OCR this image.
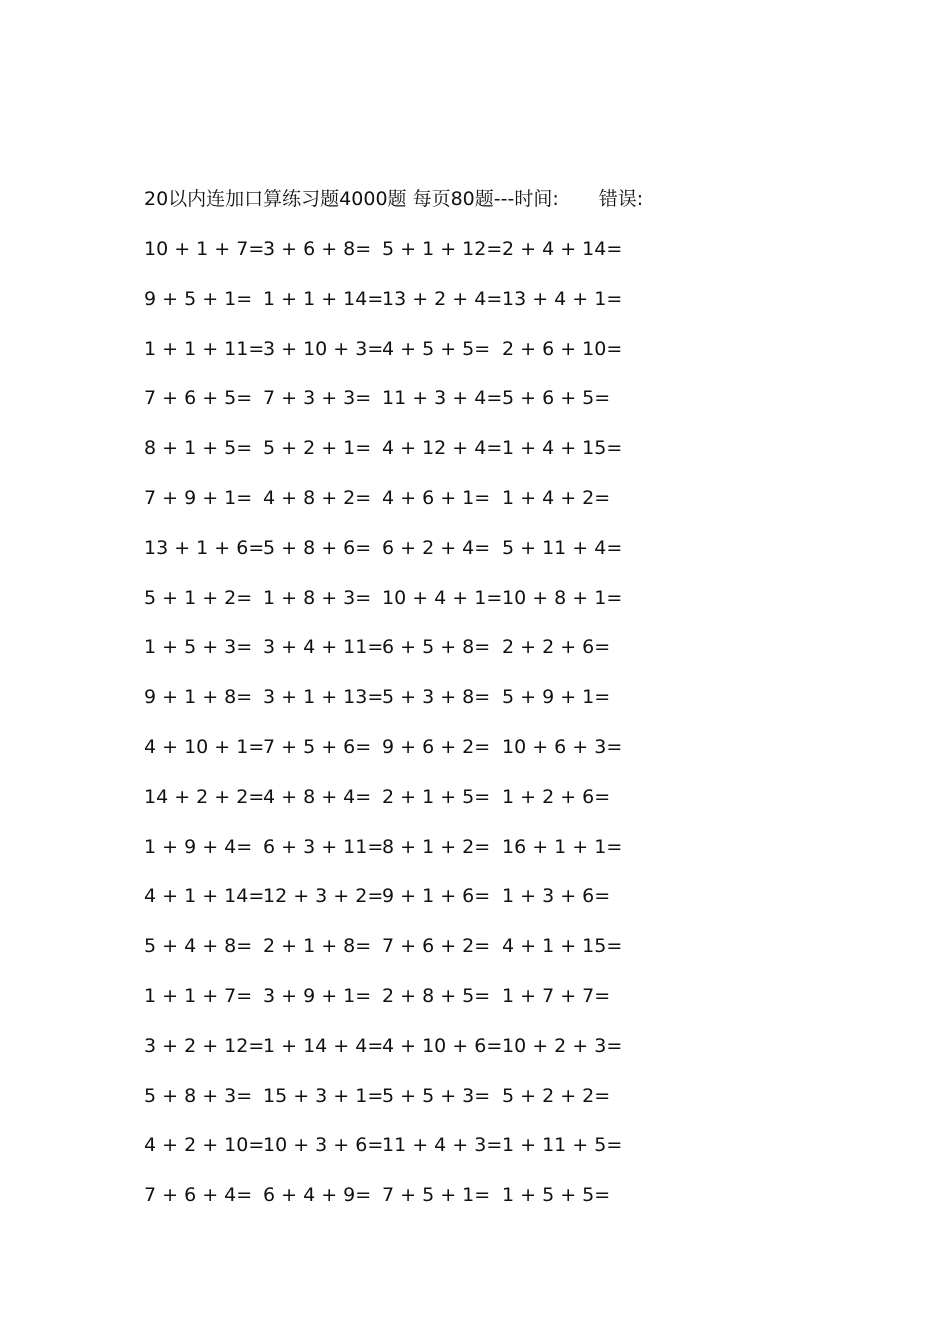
20以内连加口算练习题4000题 每页80题---时间: 错误:
10 + 1 + 7=
3 + 6 + 8= 5 + 1 + 12= 2 + 4 + 14=
9 + 5 + 1= 1 + 1 + 14=
13 + 2 + 4= 13 + 4 + 1=
1 + 1 + 11=
3 + 10 + 3=
4 + 5 + 5= 2 + 6 + 10=
7 + 6 + 5= 7 + 3 + 3= 11 + 3 + 4= 5 + 6 + 5=
8 + 1 + 5= 5 + 2 + 1= 4 + 12 + 4= 1 + 4 + 15=
7 + 9 + 1= 4 + 8 + 2= 4 + 6 + 1= 1 + 4 + 2=
13 + 1 + 6=
5 + 8 + 6= 6 + 2 + 4= 5 + 11 + 4=
5 + 1 + 2= 1 + 8 + 3= 10 + 4 + 1= 10 + 8 + 1=
1 + 5 + 3= 3 + 4 + 11=
6 + 5 + 8= 2 + 2 + 6=
9 + 1 + 8= 3 + 1 + 13=
5 + 3 + 8= 5 + 9 + 1=
4 + 10 + 1=
7 + 5 + 6= 9 + 6 + 2= 10 + 6 + 3=
14 + 2 + 2=
4 + 8 + 4= 2 + 1 + 5= 1 + 2 + 6=
1 + 9 + 4= 6 + 3 + 11=
8 + 1 + 2= 16 + 1 + 1=
4 + 1 + 14=
12 + 3 + 2=
9 + 1 + 6= 1 + 3 + 6=
5 + 4 + 8= 2 + 1 + 8= 7 + 6 + 2= 4 + 1 + 15=
1 + 1 + 7= 3 + 9 + 1= 2 + 8 + 5= 1 + 7 + 7=
3 + 2 + 12=
1 + 14 + 4=
4 + 10 + 6= 10 + 2 + 3=
5 + 8 + 3= 15 + 3 + 1=
5 + 5 + 3= 5 + 2 + 2=
4 + 2 + 10=
10 + 3 + 6=
11 + 4 + 3= 1 + 11 + 5=
7 + 6 + 4= 6 + 4 + 9= 7 + 5 + 1= 1 + 5 + 5=
